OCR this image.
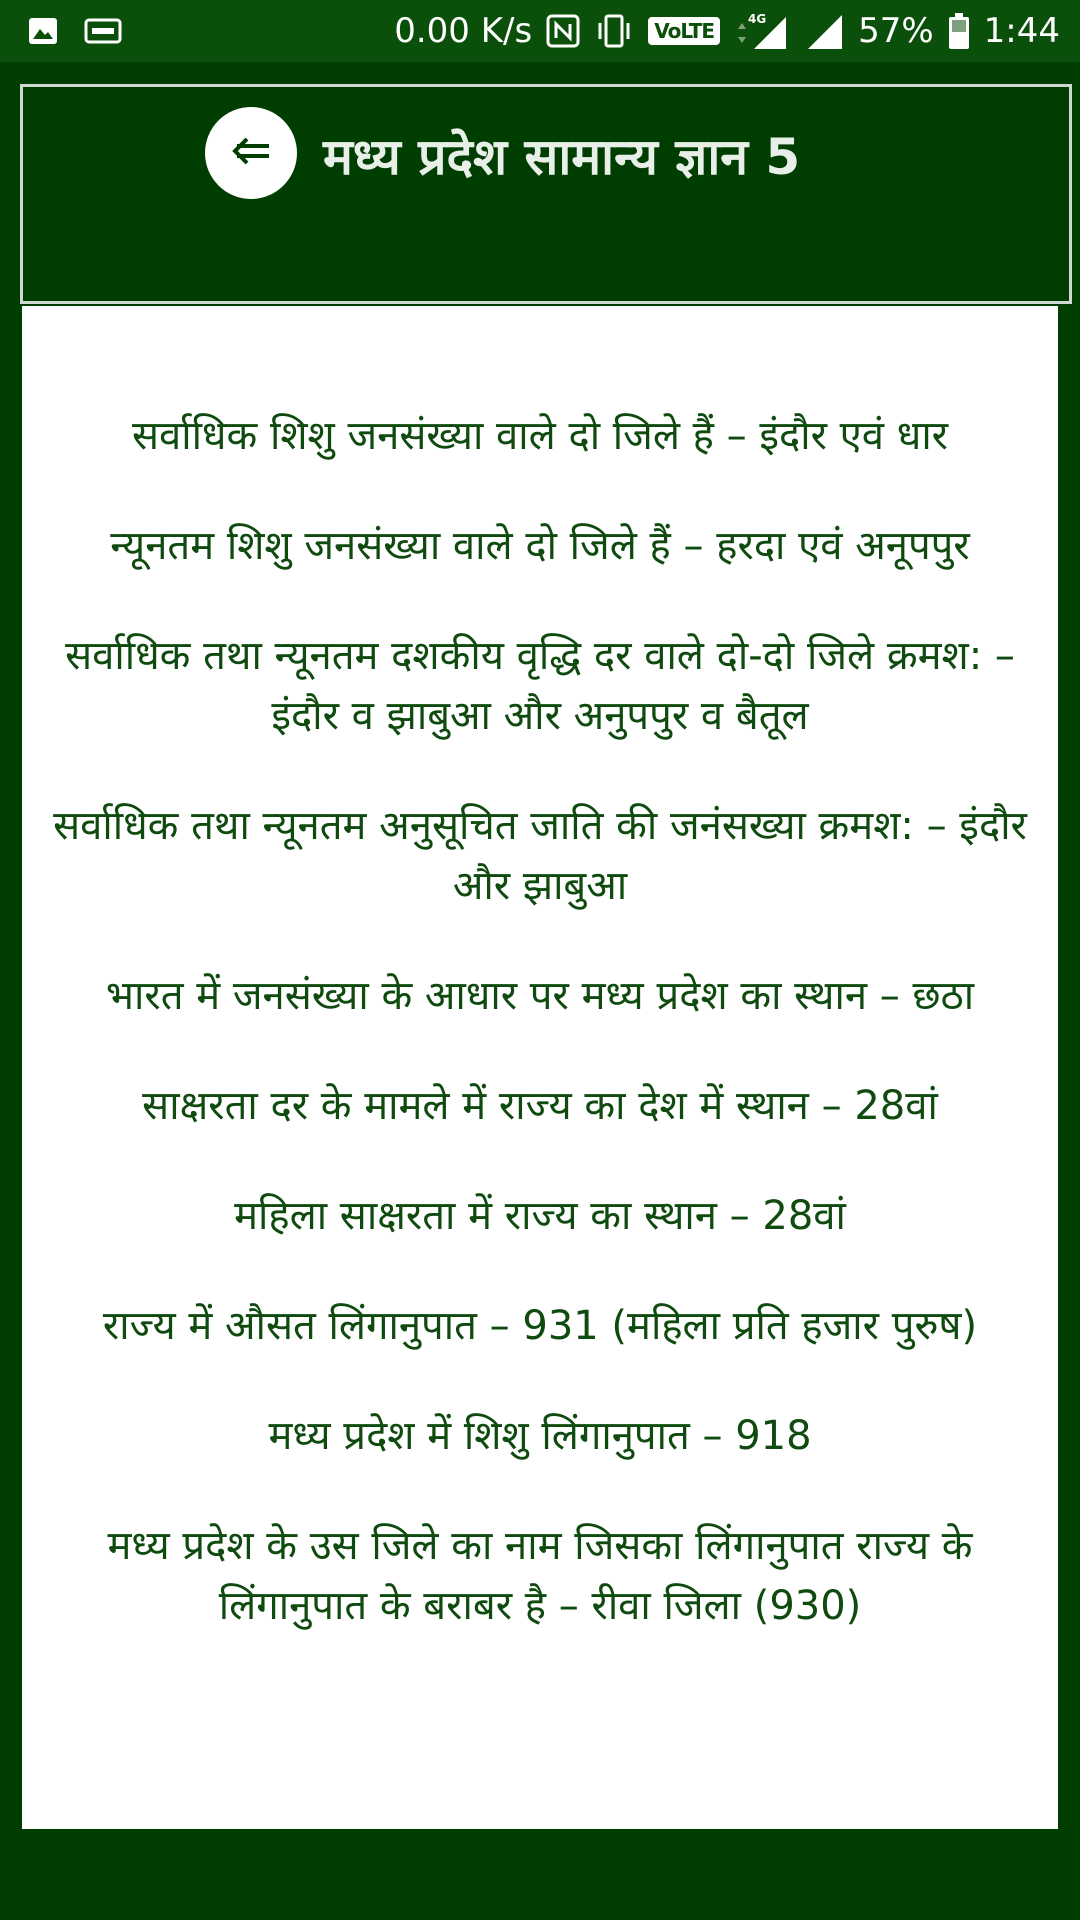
0.00 K/s	VoLTE	4G	57% 1:44
मध्य प्रदेश सामान्य ज्ञान 5

सर्वाधिक शिशु जनसंख्या वाले दो जिले हैं – इंदौर एवं धार

न्यूनतम शिशु जनसंख्या वाले दो जिले हैं – हरदा एवं अनूपपुर

सर्वाधिक तथा न्यूनतम दशकीय वृद्धि दर वाले दो-दो जिले क्रमश: – इंदौर व झाबुआ और अनुपपुर व बैतूल

सर्वाधिक तथा न्यूनतम अनुसूचित जाति की जनंसख्या क्रमश: – इंदौर और झाबुआ

भारत में जनसंख्या के आधार पर मध्य प्रदेश का स्थान – छठा

साक्षरता दर के मामले में राज्य का देश में स्थान – 28वां

महिला साक्षरता में राज्य का स्थान – 28वां

राज्य में औसत लिंगानुपात – 931 (महिला प्रति हजार पुरुष)

मध्य प्रदेश में शिशु लिंगानुपात – 918

मध्य प्रदेश के उस जिले का नाम जिसका लिंगानुपात राज्य के लिंगानुपात के बराबर है – रीवा जिला (930)
